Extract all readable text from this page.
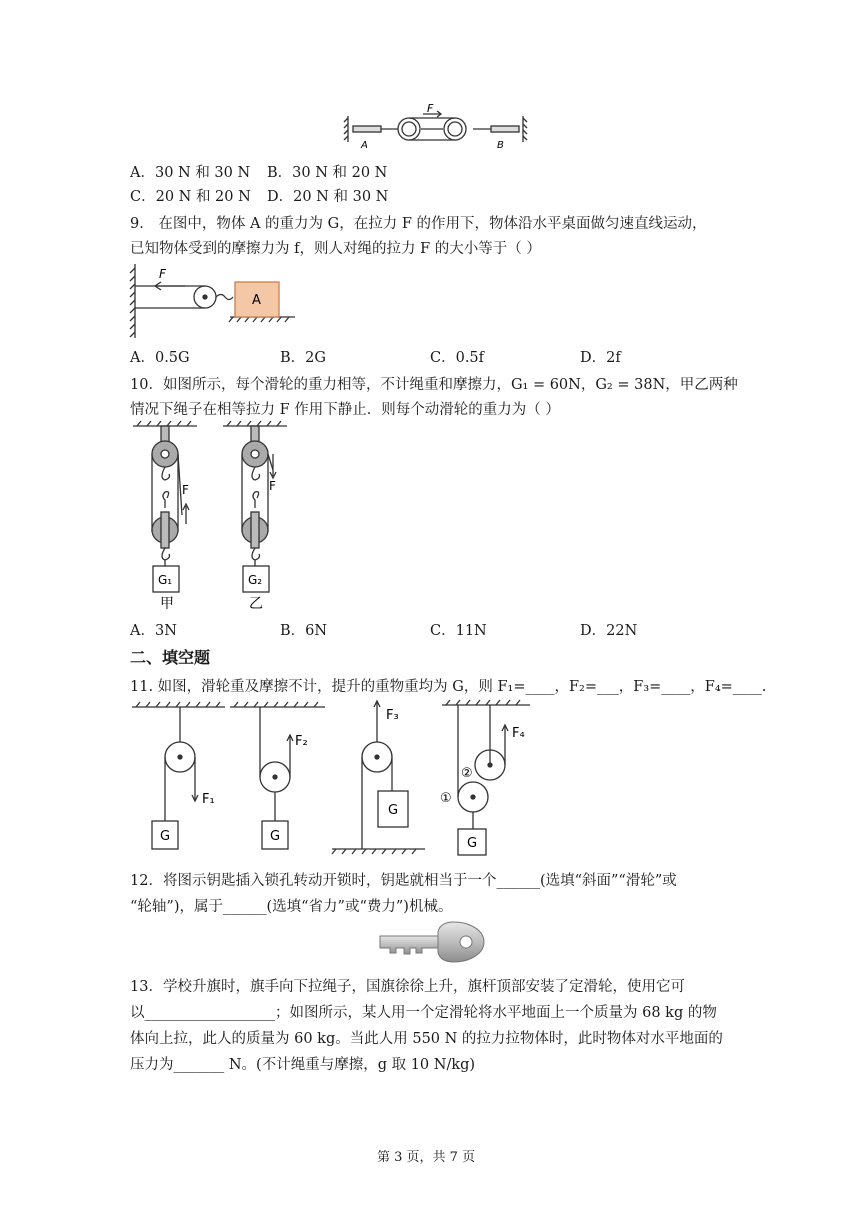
F
A	B
A．30 N 和 30 N B．30 N 和 20 N
C．20 N 和 20 N D．20 N 和 30 N
9． 在图中，物体 A 的重力为 G，在拉力 F 的作用下，物体沿水平桌面做匀速直线运动，
已知物体受到的摩擦力为 f，则人对绳的拉力 F 的大小等于（ ）
F
A
A．0.5G	B．2G	C．0.5f	D．2f
10．如图所示，每个滑轮的重力相等，不计绳重和摩擦力，G₁ = 60N，G₂ = 38N，甲乙两种
情况下绳子在相等拉力 F 作用下静止．则每个动滑轮的重力为（ ）
F	F
G₁	G₂
甲	乙
A．3N	B．6N	C．11N	D．22N
二、填空题
11. 如图，滑轮重及摩擦不计，提升的重物重均为 G，则 F₁=____，F₂=___，F₃=____，F₄=____.
F₁
F₂
F₃
F₄
G	G
G
G
①
②
12．将图示钥匙插入锁孔转动开锁时，钥匙就相当于一个______(选填“斜面”“滑轮”或
“轮轴”)，属于______(选填“省力”或“费力”)机械。
13．学校升旗时，旗手向下拉绳子，国旗徐徐上升，旗杆顶部安装了定滑轮，使用它可
以__________________；如图所示，某人用一个定滑轮将水平地面上一个质量为 68 kg 的物
体向上拉，此人的质量为 60 kg。当此人用 550 N 的拉力拉物体时，此时物体对水平地面的
压力为_______ N。(不计绳重与摩擦，g 取 10 N/kg)
第 3 页，共 7 页
